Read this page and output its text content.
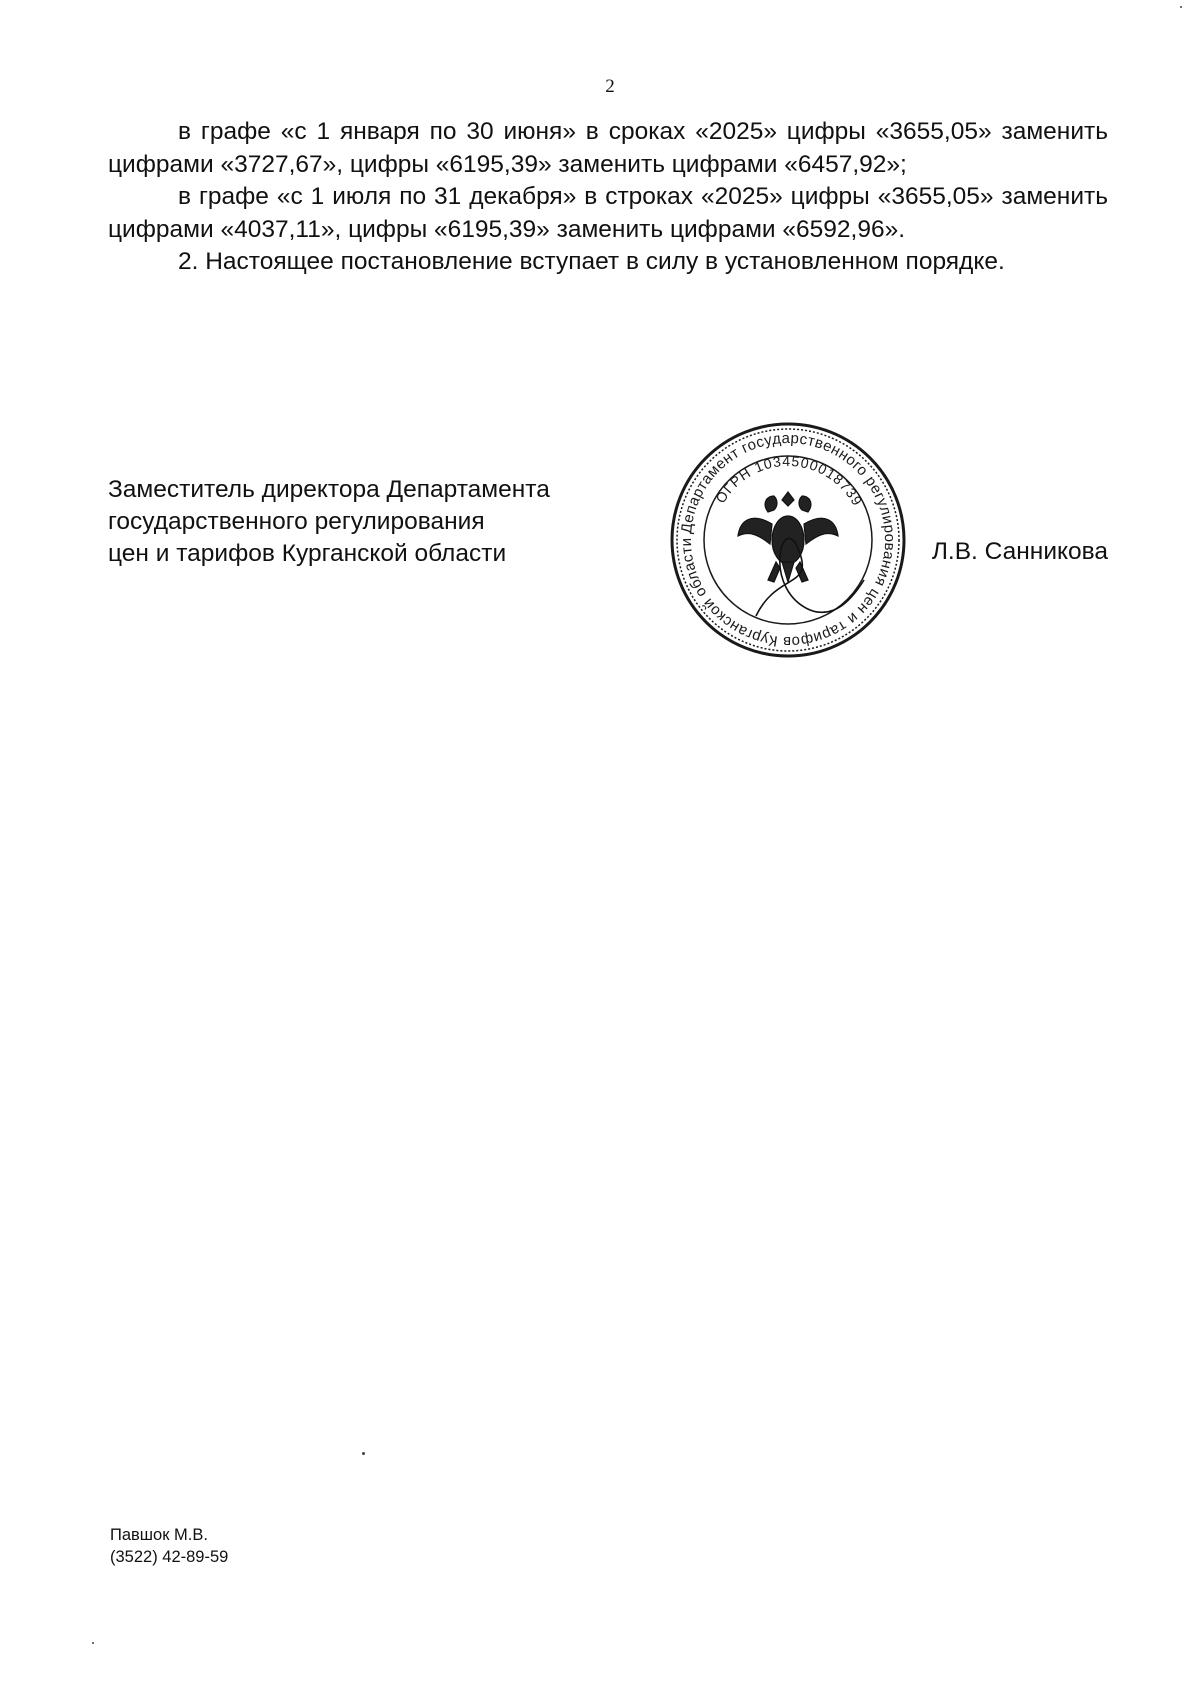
2

в графе «с 1 января по 30 июня» в сроках «2025» цифры «3655,05» заменить цифрами «3727,67», цифры «6195,39» заменить цифрами «6457,92»;

в графе «с 1 июля по 31 декабря» в строках «2025» цифры «3655,05» заменить цифрами «4037,11», цифры «6195,39» заменить цифрами «6592,96».

2. Настоящее постановление вступает в силу в установленном порядке.

Заместитель директора Департамента
государственного регулирования
цен и тарифов Курганской области
Департамент государственного регулирования цен и тарифов Курганской области
ОГРН 1034500018739
Л.В. Санникова
Павшок М.В.
(3522) 42-89-59
